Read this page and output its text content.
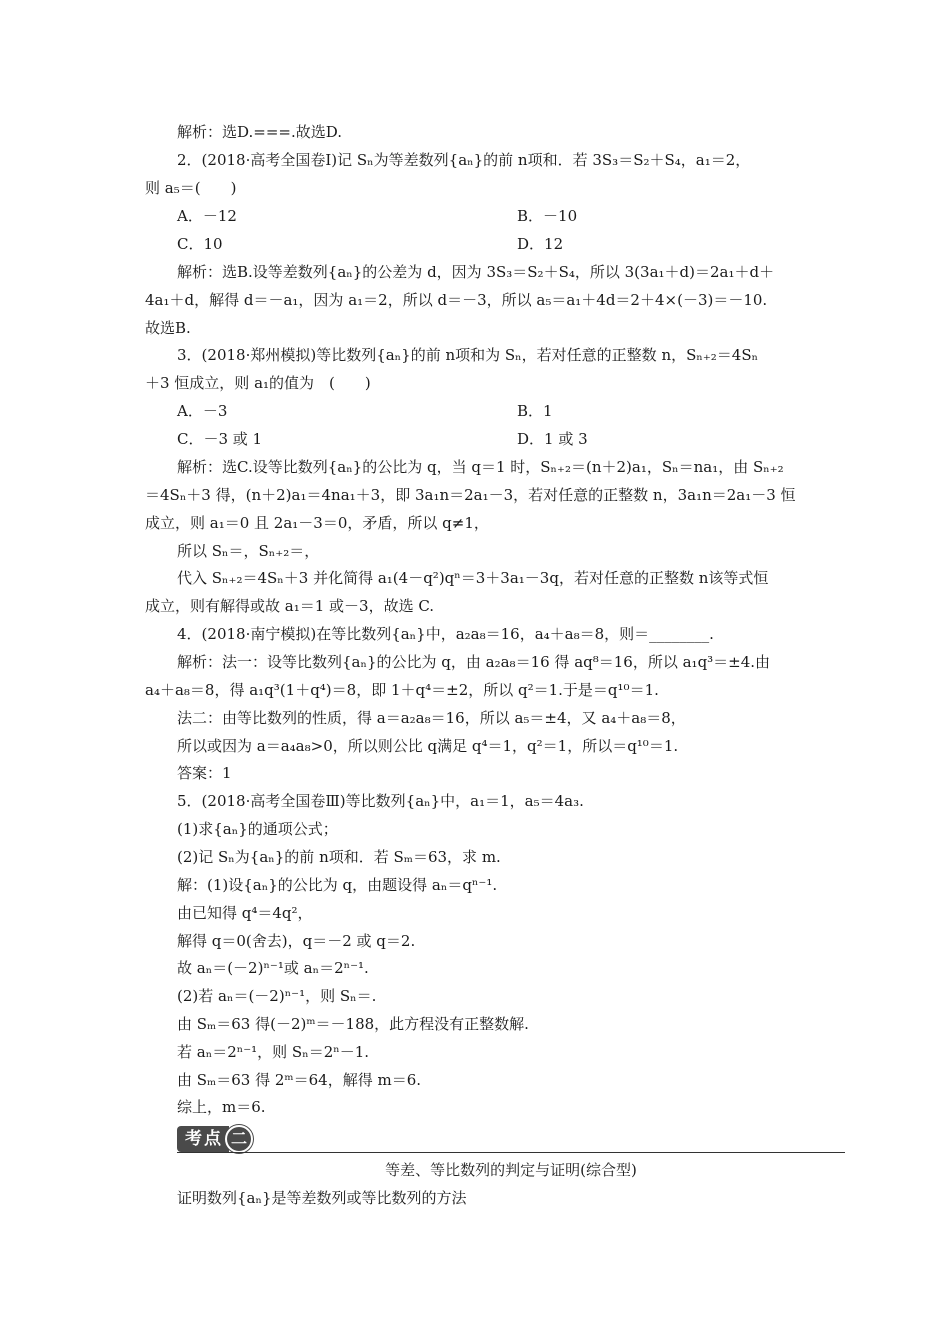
解析：选D.===.故选D.
2．(2018·高考全国卷Ⅰ)记 Sₙ为等差数列{aₙ}的前 n项和．若 3S₃＝S₂＋S₄，a₁＝2，
则 a₅＝(　　)
A．－12	B．－10
C．10	D．12
解析：选B.设等差数列{aₙ}的公差为 d，因为 3S₃＝S₂＋S₄，所以 3(3a₁＋d)＝2a₁＋d＋
4a₁＋d，解得 d＝－a₁，因为 a₁＝2，所以 d＝－3，所以 a₅＝a₁＋4d＝2＋4×(－3)＝－10.
故选B.
3．(2018·郑州模拟)等比数列{aₙ}的前 n项和为 Sₙ，若对任意的正整数 n，Sₙ₊₂＝4Sₙ
＋3 恒成立，则 a₁的值为　(　　)
A．－3	B．1
C．－3 或 1	D．1 或 3
解析：选C.设等比数列{aₙ}的公比为 q，当 q＝1 时，Sₙ₊₂＝(n＋2)a₁，Sₙ＝na₁，由 Sₙ₊₂
＝4Sₙ＋3 得，(n＋2)a₁＝4na₁＋3，即 3a₁n＝2a₁－3，若对任意的正整数 n，3a₁n＝2a₁－3 恒
成立，则 a₁＝0 且 2a₁－3＝0，矛盾，所以 q≠1，
所以 Sₙ＝，Sₙ₊₂＝，
代入 Sₙ₊₂＝4Sₙ＋3 并化简得 a₁(4－q²)qⁿ＝3＋3a₁－3q，若对任意的正整数 n该等式恒
成立，则有解得或故 a₁＝1 或－3，故选 C.
4．(2018·南宁模拟)在等比数列{aₙ}中，a₂a₈＝16，a₄＋a₈＝8，则＝________.
解析：法一：设等比数列{aₙ}的公比为 q，由 a₂a₈＝16 得 aq⁸＝16，所以 a₁q³＝±4.由
a₄＋a₈＝8，得 a₁q³(1＋q⁴)＝8，即 1＋q⁴＝±2，所以 q²＝1.于是＝q¹⁰＝1.
法二：由等比数列的性质，得 a＝a₂a₈＝16，所以 a₅＝±4，又 a₄＋a₈＝8，
所以或因为 a＝a₄a₈>0，所以则公比 q满足 q⁴＝1，q²＝1，所以＝q¹⁰＝1.
答案：1
5．(2018·高考全国卷Ⅲ)等比数列{aₙ}中，a₁＝1，a₅＝4a₃.
(1)求{aₙ}的通项公式；
(2)记 Sₙ为{aₙ}的前 n项和．若 Sₘ＝63，求 m.
解：(1)设{aₙ}的公比为 q，由题设得 aₙ＝qⁿ⁻¹.
由已知得 q⁴＝4q²，
解得 q＝0(舍去)，q＝－2 或 q＝2.
故 aₙ＝(－2)ⁿ⁻¹或 aₙ＝2ⁿ⁻¹.
(2)若 aₙ＝(－2)ⁿ⁻¹，则 Sₙ＝.
由 Sₘ＝63 得(－2)ᵐ＝－188，此方程没有正整数解.
若 aₙ＝2ⁿ⁻¹，则 Sₙ＝2ⁿ－1.
由 Sₘ＝63 得 2ᵐ＝64，解得 m＝6.
综上，m＝6.
考点 二
等差、等比数列的判定与证明(综合型)
证明数列{aₙ}是等差数列或等比数列的方法
